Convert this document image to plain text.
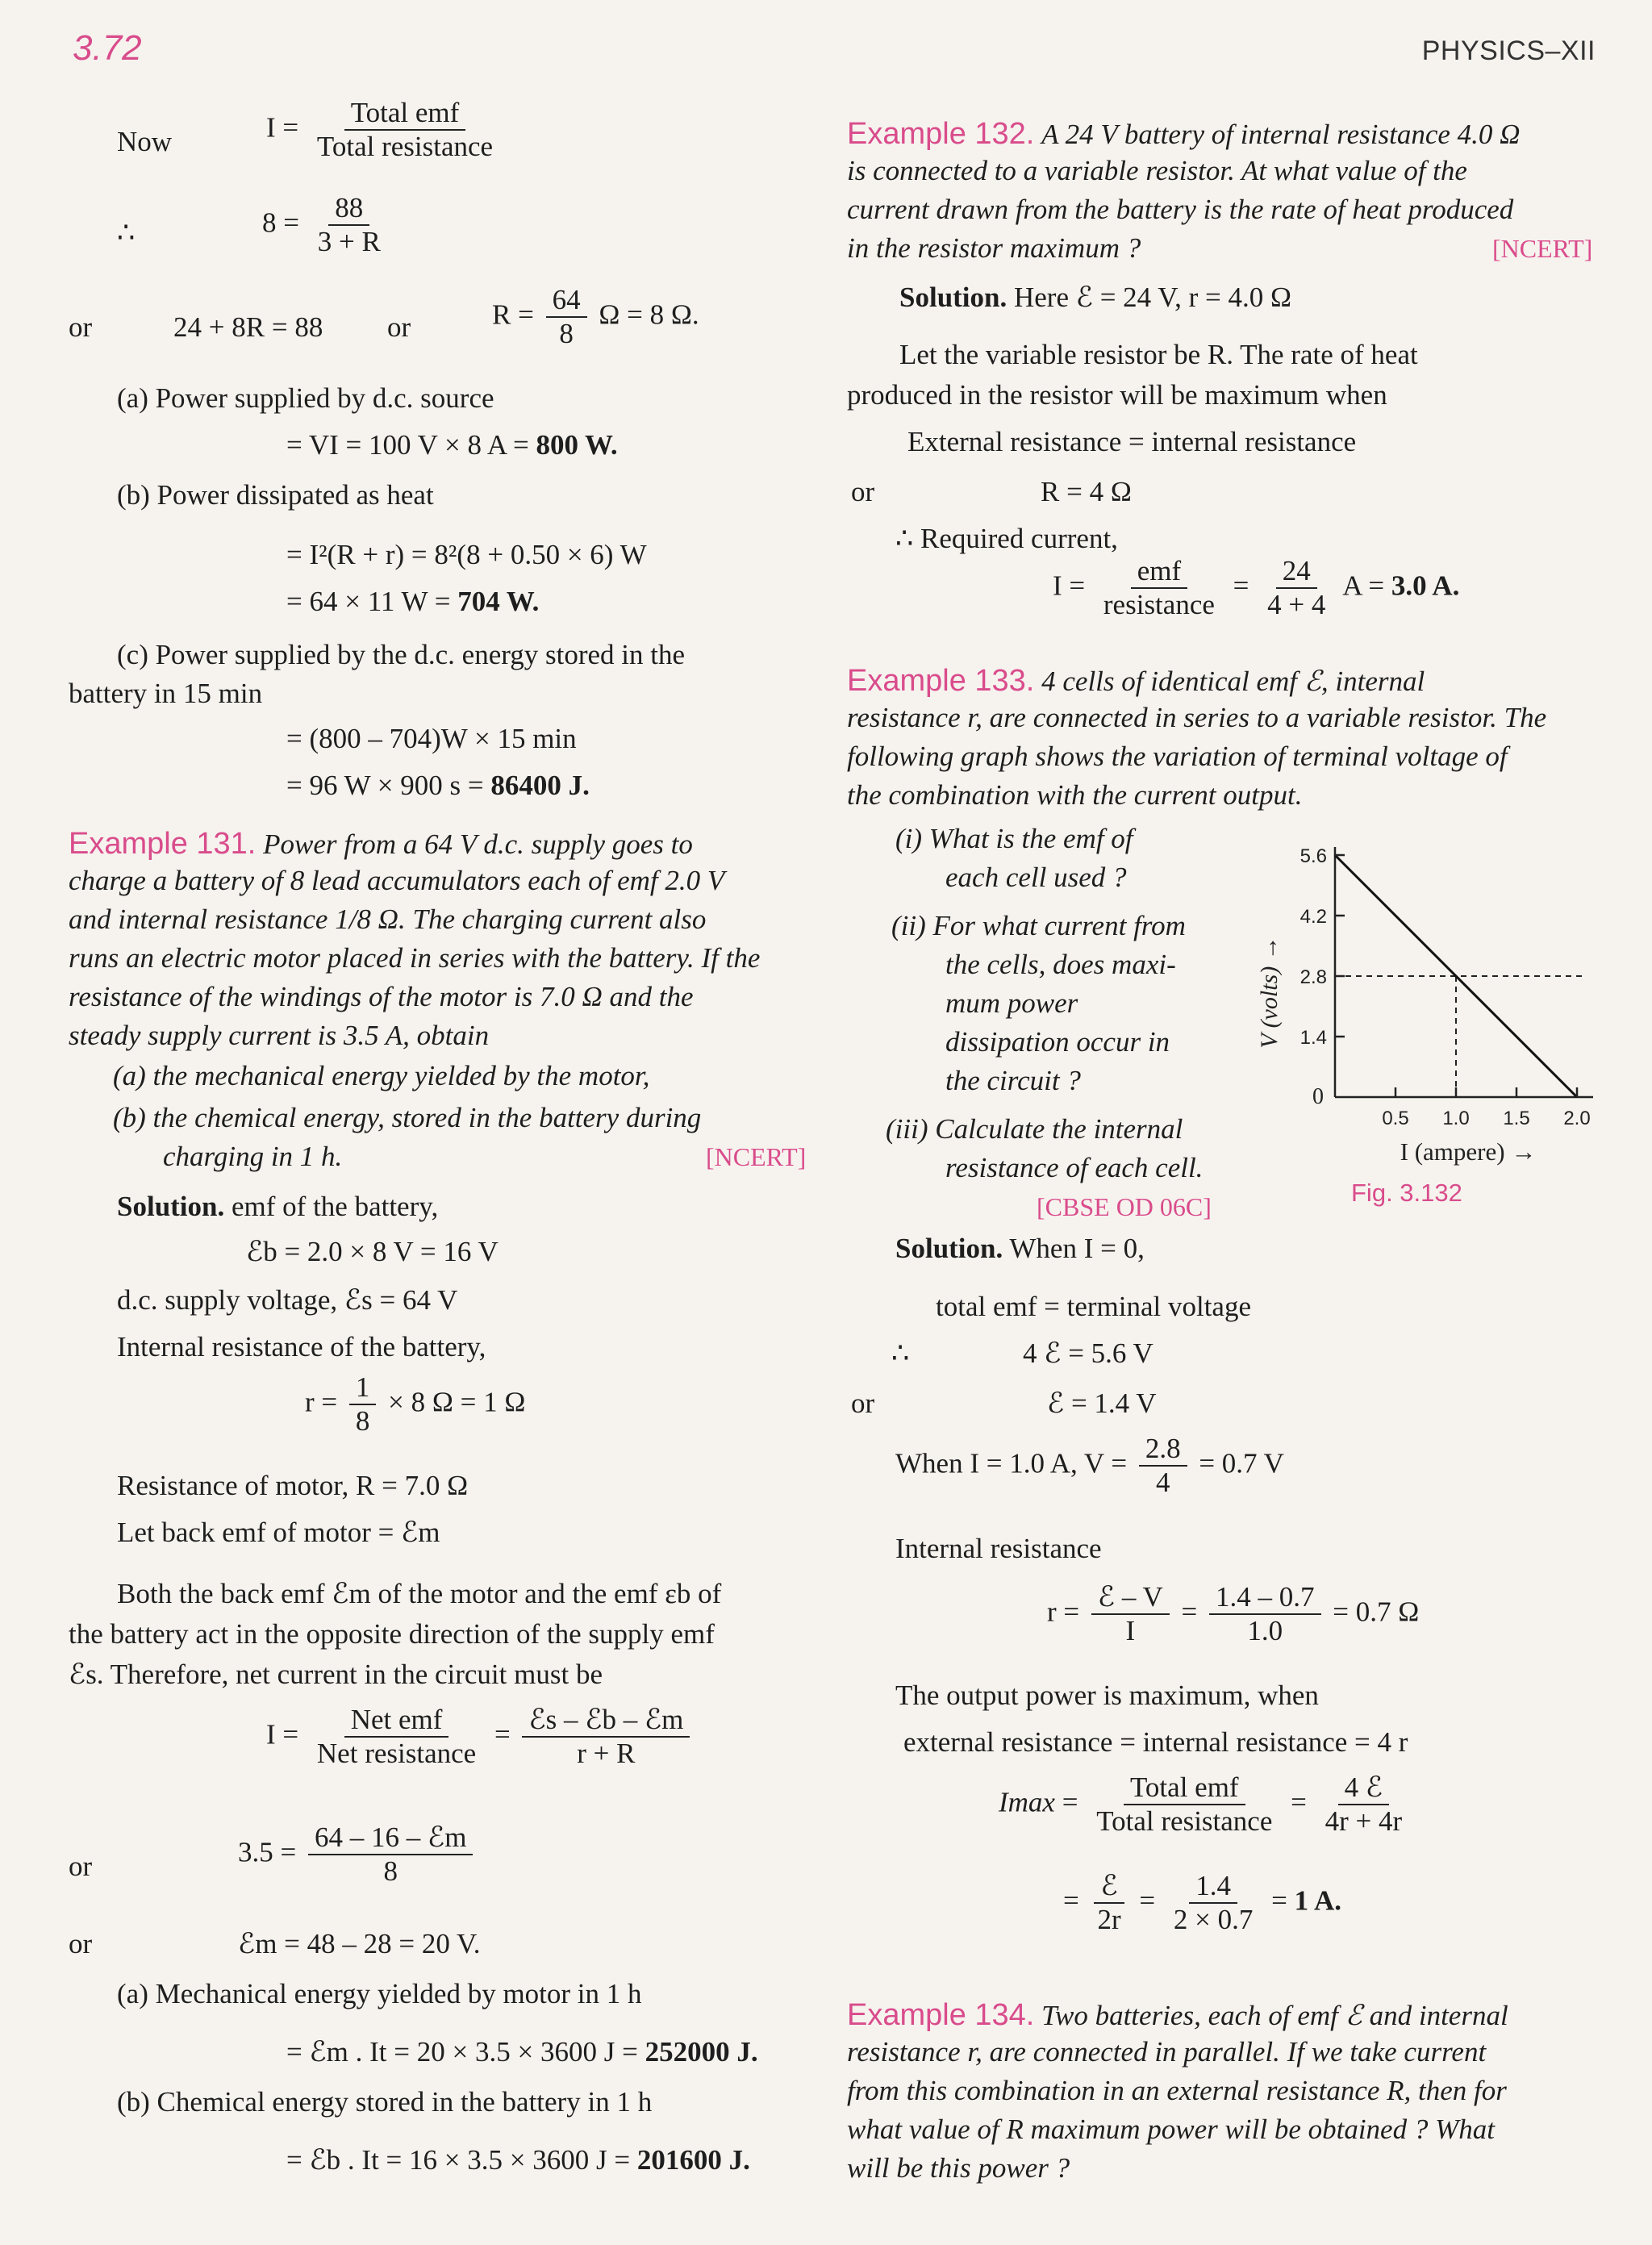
3.72	PHYSICS–XII
Now	I = Total emf
Total resistance
∴	$8 = \frac{88}{3 + R}$
or	24 + 8R = 88 or	$R = \frac{64}{8}$ Ω = 8 Ω.
(a) Power supplied by d.c. source
= VI = 100 V × 8 A = 800 W.
(b) Power dissipated as heat
= I²(R + r) = 8²(8 + 0.50 × 6) W
= 64 × 11 W = 704 W.
(c) Power supplied by the d.c. energy stored in the
battery in 15 min
= (800 – 704)W × 15 min
= 96 W × 900 s = 86400 J.
Example 131. Power from a 64 V d.c. supply goes to
charge a battery of 8 lead accumulators each of emf 2.0 V
and internal resistance 1/8 Ω. The charging current also
runs an electric motor placed in series with the battery. If the
resistance of the windings of the motor is 7.0 Ω and the
steady supply current is 3.5 A, obtain
(a) the mechanical energy yielded by the motor,
(b) the chemical energy, stored in the battery during
charging in 1 h.	[NCERT]
Solution. emf of the battery,
ℰb = 2.0 × 8 V = 16 V
d.c. supply voltage, ℰs = 64 V
Internal resistance of the battery,
$r = \frac{1}{8} \times 8$ Ω = 1 Ω
Resistance of motor, R = 7.0 Ω
Let back emf of motor = ℰm
Both the back emf ℰm of the motor and the emf εb of
the battery act in the opposite direction of the supply emf
ℰs. Therefore, net current in the circuit must be
I = Net emf
Net resistance
= ℰs – ℰb – ℰm
r + R
or	3.5 = 64 – 16 – ℰm
8
or	ℰm = 48 – 28 = 20 V.
(a) Mechanical energy yielded by motor in 1 h
= ℰm . It = 20 × 3.5 × 3600 J = 252000 J.
(b) Chemical energy stored in the battery in 1 h
= ℰb . It = 16 × 3.5 × 3600 J = 201600 J.
Example 132. A 24 V battery of internal resistance 4.0 Ω
is connected to a variable resistor. At what value of the
current drawn from the battery is the rate of heat produced
in the resistor maximum ?	[NCERT]
Solution. Here ℰ = 24 V, r = 4.0 Ω
Let the variable resistor be R. The rate of heat
produced in the resistor will be maximum when
External resistance = internal resistance
or	R = 4 Ω
∴ Required current,
I = emf
resistance
= $\frac{24}{4 + 4}$ A = 3.0 A.
Example 133. 4 cells of identical emf ℰ, internal
resistance r, are connected in series to a variable resistor. The
following graph shows the variation of terminal voltage of
the combination with the current output.
(i) What is the emf of
each cell used ?
(ii) For what current from
the cells, does maxi-
mum power
dissipation occur in
the circuit ?
(iii) Calculate the internal
resistance of each cell.
[CBSE OD 06C]
5.6
4.2
2.8
1.4
0.5 1.0 1.5 2.0
0
V (volts) →
I (ampere) →
Fig. 3.132
Solution. When I = 0,
total emf = terminal voltage
∴	4 ℰ = 5.6 V
or	ℰ = 1.4 V
When I = 1.0 A, $V = \frac{2.8}{4} = 0.7$ V
Internal resistance
r = ℰ – V
I
= $\frac{1.4 - 0.7}{1.0} = 0.7$ Ω
The output power is maximum, when
external resistance = internal resistance = 4 r
Imax = Total emf
Total resistance
= 4 ℰ
4r + 4r
= ℰ
2r
= $\frac{1.4}{2 \times 0.7} = 1$ A.
Example 134. Two batteries, each of emf ℰ and internal
resistance r, are connected in parallel. If we take current
from this combination in an external resistance R, then for
what value of R maximum power will be obtained ? What
will be this power ?
